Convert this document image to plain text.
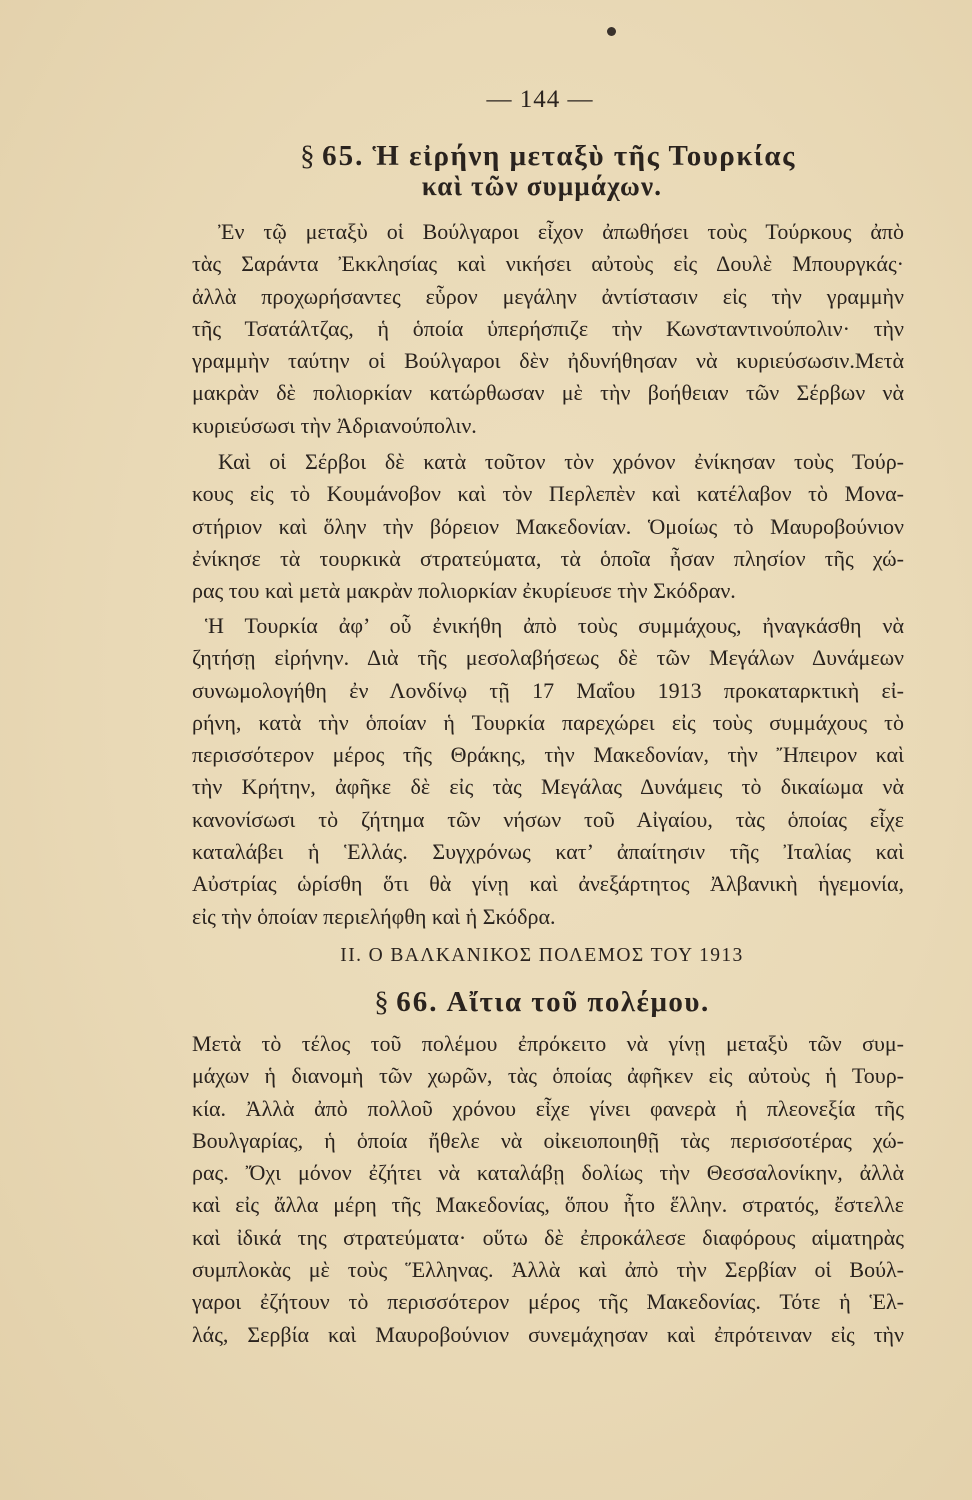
— 144 —
§ 65. Ἡ εἰρήνη μεταξὺ τῆς Τουρκίας
καὶ τῶν συμμάχων.
Ἐν τῷ μεταξὺ οἱ Βούλγαροι εἶχον ἀπωθήσει τοὺς Τούρκους ἀπὸ
τὰς Σαράντα Ἐκκλησίας καὶ νικήσει αὐτοὺς εἰς Δουλὲ Μπουργκάς·
ἀλλὰ προχωρήσαντες εὗρον μεγάλην ἀντίστασιν εἰς τὴν γραμμὴν
τῆς Τσατάλτζας, ἡ ὁποία ὑπερήσπιζε τὴν Κωνσταντινούπολιν· τὴν
γραμμὴν ταύτην οἱ Βούλγαροι δὲν ἠδυνήθησαν νὰ κυριεύσωσιν.Μετὰ
μακρὰν δὲ πολιορκίαν κατώρθωσαν μὲ τὴν βοήθειαν τῶν Σέρβων νὰ
κυριεύσωσι τὴν Ἀδριανούπολιν.
Καὶ οἱ Σέρβοι δὲ κατὰ τοῦτον τὸν χρόνον ἐνίκησαν τοὺς Τούρ-
κους εἰς τὸ Κουμάνοβον καὶ τὸν Περλεπὲν καὶ κατέλαβον τὸ Μονα-
στήριον καὶ ὅλην τὴν βόρειον Μακεδονίαν. Ὁμοίως τὸ Μαυροβούνιον
ἐνίκησε τὰ τουρκικὰ στρατεύματα, τὰ ὁποῖα ἦσαν πλησίον τῆς χώ-
ρας του καὶ μετὰ μακρὰν πολιορκίαν ἐκυρίευσε τὴν Σκόδραν.
Ἡ Τουρκία ἀφ’ οὗ ἐνικήθη ἀπὸ τοὺς συμμάχους, ἠναγκάσθη νὰ
ζητήσῃ εἰρήνην. Διὰ τῆς μεσολαβήσεως δὲ τῶν Μεγάλων Δυνάμεων
συνωμολογήθη ἐν Λονδίνῳ τῇ 17 Μαΐου 1913 προκαταρκτικὴ εἰ-
ρήνη, κατὰ τὴν ὁποίαν ἡ Τουρκία παρεχώρει εἰς τοὺς συμμάχους τὸ
περισσότερον μέρος τῆς Θράκης, τὴν Μακεδονίαν, τὴν Ἤπειρον καὶ
τὴν Κρήτην, ἀφῆκε δὲ εἰς τὰς Μεγάλας Δυνάμεις τὸ δικαίωμα νὰ
κανονίσωσι τὸ ζήτημα τῶν νήσων τοῦ Αἰγαίου, τὰς ὁποίας εἶχε
καταλάβει ἡ Ἑλλάς. Συγχρόνως κατ’ ἀπαίτησιν τῆς Ἰταλίας καὶ
Αὐστρίας ὡρίσθη ὅτι θὰ γίνῃ καὶ ἀνεξάρτητος Ἀλβανικὴ ἡγεμονία,
εἰς τὴν ὁποίαν περιελήφθη καὶ ἡ Σκόδρα.
ΙΙ. Ο ΒΑΛΚΑΝΙΚΟΣ ΠΟΛΕΜΟΣ ΤΟΥ 1913
§ 66. Αἴτια τοῦ πολέμου.
Μετὰ τὸ τέλος τοῦ πολέμου ἐπρόκειτο νὰ γίνῃ μεταξὺ τῶν συμ-
μάχων ἡ διανομὴ τῶν χωρῶν, τὰς ὁποίας ἀφῆκεν εἰς αὐτοὺς ἡ Τουρ-
κία. Ἀλλὰ ἀπὸ πολλοῦ χρόνου εἶχε γίνει φανερὰ ἡ πλεονεξία τῆς
Βουλγαρίας, ἡ ὁποία ἤθελε νὰ οἰκειοποιηθῇ τὰς περισσοτέρας χώ-
ρας. Ὄχι μόνον ἐζήτει νὰ καταλάβῃ δολίως τὴν Θεσσαλονίκην, ἀλλὰ
καὶ εἰς ἄλλα μέρη τῆς Μακεδονίας, ὅπου ἦτο ἕλλην. στρατός, ἔστελλε
καὶ ἰδικά της στρατεύματα· οὕτω δὲ ἐπροκάλεσε διαφόρους αἱματηρὰς
συμπλοκὰς μὲ τοὺς Ἕλληνας. Ἀλλὰ καὶ ἀπὸ τὴν Σερβίαν οἱ Βούλ-
γαροι ἐζήτουν τὸ περισσότερον μέρος τῆς Μακεδονίας. Τότε ἡ Ἑλ-
λάς, Σερβία καὶ Μαυροβούνιον συνεμάχησαν καὶ ἐπρότειναν εἰς τὴν
